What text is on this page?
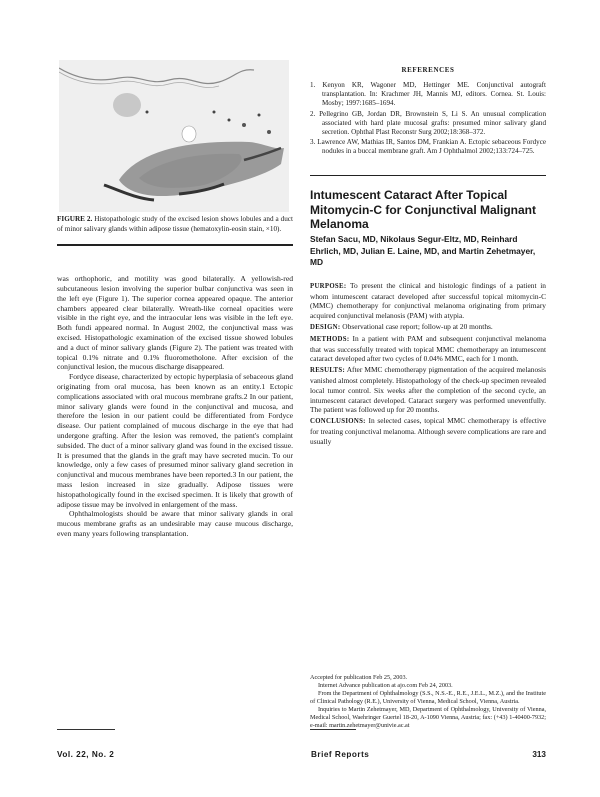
FIGURE 2. Histopathologic study of the excised lesion shows lobules and a duct of minor salivary glands within adipose tissue (hematoxylin-eosin stain, ×10).

was orthophoric, and motility was good bilaterally. A yellowish-red subcutaneous lesion involving the superior bulbar conjunctiva was seen in the left eye (Figure 1). The superior cornea appeared opaque. The anterior chambers appeared clear bilaterally. Wreath-like corneal opacities were visible in the right eye, and the intraocular lens was visible in the left eye. Both fundi appeared normal. In August 2002, the conjunctival mass was excised. Histopathologic examination of the excised tissue showed lobules and a duct of minor salivary glands (Figure 2). The patient was treated with topical 0.1% nitrate and 0.1% fluorometholone. After excision of the conjunctival lesion, the mucous discharge disappeared.

Fordyce disease, characterized by ectopic hyperplasia of sebaceous gland originating from oral mucosa, has been known as an entity.1 Ectopic complications associated with oral mucous membrane grafts.2 In our patient, minor salivary glands were found in the conjunctival and mucosa, and therefore the lesion in our patient could be differentiated from Fordyce disease. Our patient complained of mucous discharge in the eye that had undergone grafting. After the lesion was removed, the patient's complaint subsided. The duct of a minor salivary gland was found in the excised tissue. It is presumed that the glands in the graft may have secreted mucin. To our knowledge, only a few cases of presumed minor salivary gland secretion in conjunctival and mucous membranes have been reported.3 In our patient, the mass lesion increased in size gradually. Adipose tissues were histopathologically found in the excised specimen. It is likely that growth of adipose tissue may be involved in enlargement of the mass.

Ophthalmologists should be aware that minor salivary glands in oral mucous membrane grafts as an undesirable may cause mucous discharge, even many years following transplantation.

REFERENCES
1. Kenyon KR, Wagoner MD, Hettinger ME. Conjunctival autograft transplantation. In: Krachmer JH, Mannis MJ, editors. Cornea. St. Louis: Mosby; 1997:1685–1694.
2. Pellegrino GB, Jordan DR, Brownstein S, Li S. An unusual complication associated with hard plate mucosal grafts: presumed minor salivary gland secretion. Ophthal Plast Reconstr Surg 2002;18:368–372.
3. Lawrence AW, Mathias IR, Santos DM, Frankian A. Ectopic sebaceous Fordyce nodules in a buccal membrane graft. Am J Ophthalmol 2002;133:724–725.
Intumescent Cataract After Topical Mitomycin-C for Conjunctival Malignant Melanoma
Stefan Sacu, MD, Nikolaus Segur-Eltz, MD, Reinhard Ehrlich, MD, Julian E. Laine, MD, and Martin Zehetmayer, MD

PURPOSE: To present the clinical and histologic findings of a patient in whom intumescent cataract developed after successful topical mitomycin-C (MMC) chemotherapy for conjunctival melanoma originating from primary acquired conjunctival melanosis (PAM) with atypia.

DESIGN: Observational case report; follow-up at 20 months.

METHODS: In a patient with PAM and subsequent conjunctival melanoma that was successfully treated with topical MMC chemotherapy an intumescent cataract developed after two cycles of 0.04% MMC, each for 1 month.

RESULTS: After MMC chemotherapy pigmentation of the acquired melanosis vanished almost completely. Histopathology of the check-up specimen revealed local tumor control. Six weeks after the completion of the second cycle, an intumescent cataract developed. Cataract surgery was performed uneventfully. The patient was followed up for 20 months.

CONCLUSIONS: In selected cases, topical MMC chemotherapy is effective for treating conjunctival melanoma. Although severe complications are rare and usually

Accepted for publication Feb 25, 2003.

Internet Advance publication at ajo.com Feb 24, 2003.

From the Department of Ophthalmology (S.S., N.S.-E., R.E., J.E.L., M.Z.), and the Institute of Clinical Pathology (R.E.), University of Vienna, Medical School, Vienna, Austria.

Inquiries to Martin Zehetmayer, MD, Department of Ophthalmology, University of Vienna, Medical School, Waehringer Guertel 18-20, A-1090 Vienna, Austria; fax: (+43) 1-40400-7932; e-mail: martin.zehetmayer@univie.ac.at

Vol. 22, No. 2	Brief Reports	313
